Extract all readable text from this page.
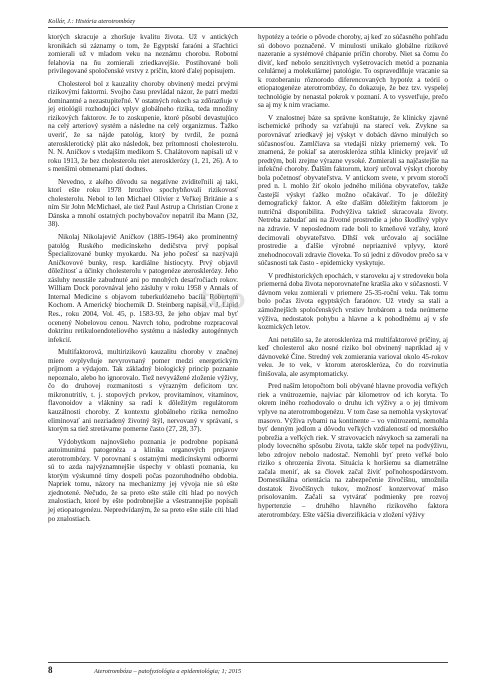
Kollár, J.: História aterotrombózy

ktorých skracuje a zhoršuje kvalitu života. Už v antických kronikách sú záznamy o tom, že Egyptskí faraóni a šľachtici zomierali už v mladom veku na neznámu chorobu. Robotní felahovia na ňu zomierali zriedkavejšie. Postihované boli privilegované spoločenské vrstvy z príčin, ktoré ďalej popisujem.

Cholesterol bol z kauzality choroby obvinený medzi prvými rizikovými faktormi. Svojho času prevládal názor, že patrí medzi dominantné a nezastupiteľné. V ostatných rokoch sa zdôrazňuje v jej etiológii rozhodujúci vplyv globálneho rizika, teda množiny rizikových faktorov. Je to zoskupenie, ktoré pôsobí devastujúco na celý arteriový systém a následne na celý organizmus. Ťažko uveriť, že sa nájde patológ, ktorý by tvrdil, že pozná aterosklerotický plát ako následok, bez prítomnosti cholesterolu. N. N. Aničkov s vtedajším medikom S. Chalátovom napísali už v roku 1913, že bez cholesterolu niet aterosklerózy (1, 21, 26). A to s menšími obmenami platí dodnes.

Nevedno, z akého dôvodu sa negatívne zviditeľnili aj taki, ktorí ešte roku 1978 hrozlivo spochybňovali rizikovosť cholesterolu. Nebol to len Michael Olivier z Veľkej Británie a s ním Sir John McMichael, ale tiež Paul Astrup a Christian Crone z Dánska a mnohí ostatných pochybovačov nepatril iba Mann (32, 38).

Nikolaj Nikolajevič Aničkov (1885-1964) ako prominentný patológ Ruského medicínskeho dedičstva prvý popísal Špecializované bunky myokardu. Na jeho počesť sa nazývajú Aničkovové bunky, resp. kardiálne histiocyty. Prvý objavil dôležitosť a účinky cholesterolu v patogenéze aterosklerózy. Jeho zásluhy neustále zabudnuté ani po mnohých desaťročiach rokov. William Dock porovnával jeho zásluhy v roku 1958 v Annals of Internal Medicine s objavom tuberkulózneho bacila Robertom Kochom. A Americký biochemik D. Steinberg napísal v J. Lipid Res., roku 2004, Vol. 45, p. 1583-93, že jeho objav mal byť ocenený Nobelovou cenou. Navrch toho, podrobne rozpracoval doktrínu retikuloendoteliového systému a následky autogénnych infekcií.

Multifaktorová, multirizikovú kauzalitu choroby v značnej miere ovplyvňuje nevyrovnaný pomer medzi energetickým príjmom a výdajom. Tak základný biologický princíp poznanie nepoznalo, alebo ho ignorovalo. Tiež nevyvážené zloženie výživy, čo do druhovej rozmanitosti s výrazným deficitom tzv. mikronutritív, t. j. stopových prvkov, provitamínov, vitamínov, flavonoidov a vlákniny sa radí k dôležitým regulátorom kauzálnosti choroby. Z kontextu globálneho rizika nemožno eliminovať ani nezriadený životný štýl, nervovaný v správaní, s ktorým sa tiež stretávame pomerne často (27, 28, 37).

Výdobytkom najnovšieho poznania je podrobne popísaná autoimunitná patogenéza a klinika organových prejavov aterotrombózy. V porovnaní s ostatnými medicínskymi odbormi sú to azda najvýznamnejšie úspechy v oblasti poznania, ku ktorým výskumné tímy dospeli počas pozoruhodného obdobia. Napriek tomu, názory na mechanizmy jej vývoja nie sú ešte zjednotené. Nečudo, že sa preto ešte stále cíti hlad po nových znalostiach, ktoré by ešte podrobnejšie a všestrannejšie popísali jej etiopatogenézu. Nepredvídaným, že sa preto ešte stále cíti hlad po znalostiach.

hypotézy a teórie o pôvode choroby, aj keď zo súčasného pohľadu sú dobovo poznačené. V minulosti unikalo globálne rizikové nazeranie a systémové chápanie príčin choroby. Niet sa čomu čo diviť, keď nebolo senzitívnych vyšetrovacích metód a poznania celulárnej a molekulárnej patológie. To ospravedlňuje vracanie sa k rozoberaniu rôznorodo diferencovaných hypotéz a teórií o etiopatogenéze aterotrombózy, čo dokazuje, že bez tzv. vyspelej technológie by nenastal pokrok v poznaní. A to vysvetľuje, prečo sa aj my k nim vraciame.

V znalostnej báze sa správne konštatuje, že klinicky zjavné ischemické príhody sa vzťahujú na starecí vek. Zvykne sa porovnávať zriedkavý jej výskyt v dobách dávno minulých so súčasnosťou. Zamlčiava sa vtedajší nízky priemerný vek. To znamená, že pokiaľ sa ateroskleróza stihla klinicky prejaviť už predtým, boli zrejme výrazne vysoké. Zomierali sa najčastejšie na infekčné choroby. Ďalším faktorom, ktorý určoval výskyt choroby bola početnosť obyvateľstva. V antickom svete, v prvom storočí pred n. l. mohlo žiť okolo jedného milióna obyvateľov, takže častejší výskyt ťažko možno očakávať. To je dôležitý demografický faktor. A ešte ďalším dôležitým faktorom je nutričná disponibilita. Podvýživa taktiež skracovala životy. Netreba zabudať ani na životné prostredie a jeho škodlivý vplyv na zdravie. V neposlednom rade boli to kmeňové vzťahy, ktoré decimovali obyvateľstvo. Dlhší vek určovalo aj sociálne prostredie a ďalšie výrobné nepriaznivé vplyvy, ktoré znehodnocovali zdravie človeka. To sú jedni z dôvodov prečo sa v súčasnosti tak často - epidemicky vyskytuje.

V predhistorických epochách, v staroveku aj v stredoveku bola priemerná doba života neporovnateľne kratšia ako v súčasnosti. V dávnom veku zomierali v priemere 25-35-roční veku. Tak tomu bolo počas života egyptských faraónov. Už vtedy sa stali a zámožnejších spoločenských vrstiev hrobárom a teda neúmerne výživa, nedostatok pohybu a hlavne a k pohodlnému aj v sfe kozmických letov.

Ani netušilo sa, že ateroskleróza má multifaktorové príčiny, aj keď cholesterol ako nosné riziko bol obvinený napríklad aj v dávnoveké Číne. Stredný vek zomierania varioval okolo 45-rokov veku. Je to vek, v ktorom ateroskleróza, čo do rozvinutia finišovala, ale asymptomaticky.

Pred naším letopočtom boli obývané hlavne provodia veľkých riek a vnútrozemie, najviac pár kilometrov od ich koryta. To okrem iného rozhodovalo o druhu ich výživy a o jej tlmivom vplyve na aterotrombogenézu. V tom čase sa nemohla vyskytovať masovo. Výživa rybami na kontinente – vo vnútrozemí, nemohla byť denným jedlom a dôvodu veľkých vzdialeností od morského pobrežia a veľkých riek. V stravovacích návykoch sa zamerali na plody lovecného spôsobu života, takže skôr tepel na podvýživu, lebo zdrojov nebolo nadostač. Nemohli byť preto veľké bolo riziko s ohrozenia života. Situácia k horšiemu sa diametrálne začala meniť, ak sa človek začal živiť poľnohospodárstvom. Domestikálna orientácia na zabezpečenie živočíšnu, umožnila dostatok živočíšnych tukov, možnosť konzervovať mäso prisolovaním. Začali sa vytvárať podmienky pre rozvoj hypertenzie – druhého hlavného rizikového faktora aterotrombózy. Ešte väčšia diverzifikácia v zložení výživy

too
8	Aterotrombóza – patofyziológia a epidemiológia; 1; 2015
